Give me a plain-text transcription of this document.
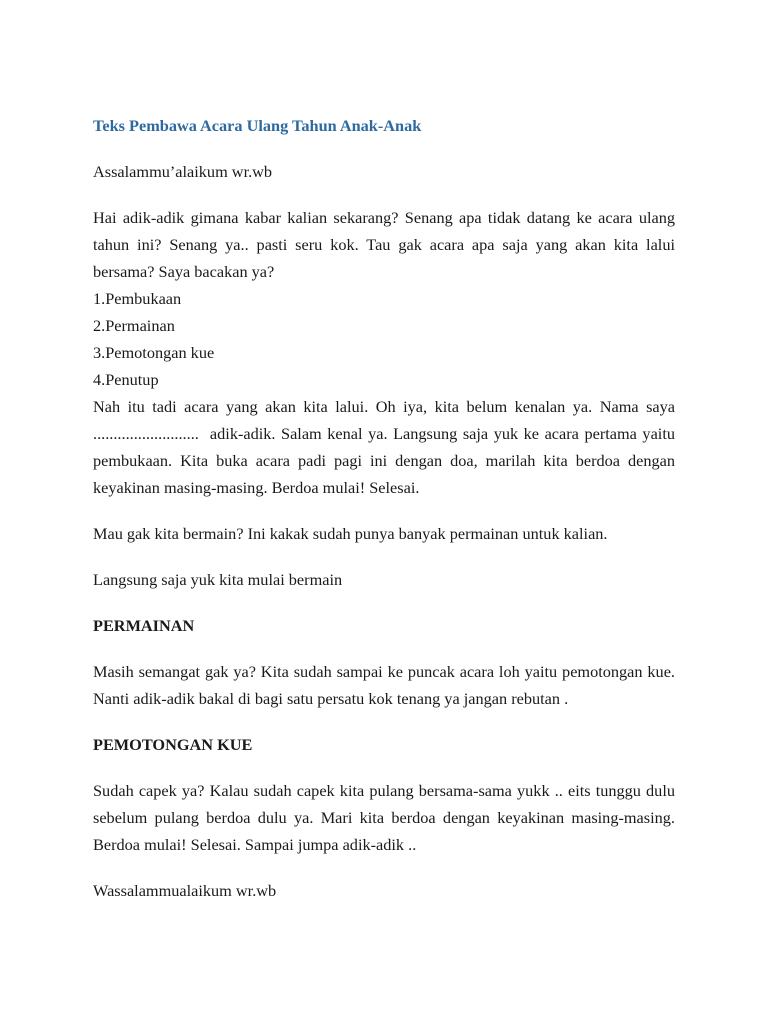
Teks Pembawa Acara Ulang Tahun Anak-Anak

Assalammu’alaikum wr.wb

Hai adik-adik gimana kabar kalian sekarang? Senang apa tidak datang ke acara ulang tahun ini? Senang ya.. pasti seru kok. Tau gak acara apa saja yang akan kita lalui bersama? Saya bacakan ya?

1.Pembukaan

2.Permainan

3.Pemotongan kue

4.Penutup

Nah itu tadi acara yang akan kita lalui. Oh iya, kita belum kenalan ya. Nama saya ..........................  adik-adik. Salam kenal ya. Langsung saja yuk ke acara pertama yaitu pembukaan. Kita buka acara padi pagi ini dengan doa, marilah kita berdoa dengan keyakinan masing-masing. Berdoa mulai! Selesai.

Mau gak kita bermain? Ini kakak sudah punya banyak permainan untuk kalian.

Langsung saja yuk kita mulai bermain

PERMAINAN

Masih semangat gak ya? Kita sudah sampai ke puncak acara loh yaitu pemotongan kue. Nanti adik-adik bakal di bagi satu persatu kok tenang ya jangan rebutan .

PEMOTONGAN KUE

Sudah capek ya? Kalau sudah capek kita pulang bersama-sama yukk .. eits tunggu dulu sebelum pulang berdoa dulu ya. Mari kita berdoa dengan keyakinan masing-masing. Berdoa mulai! Selesai. Sampai jumpa adik-adik ..

Wassalammualaikum wr.wb
